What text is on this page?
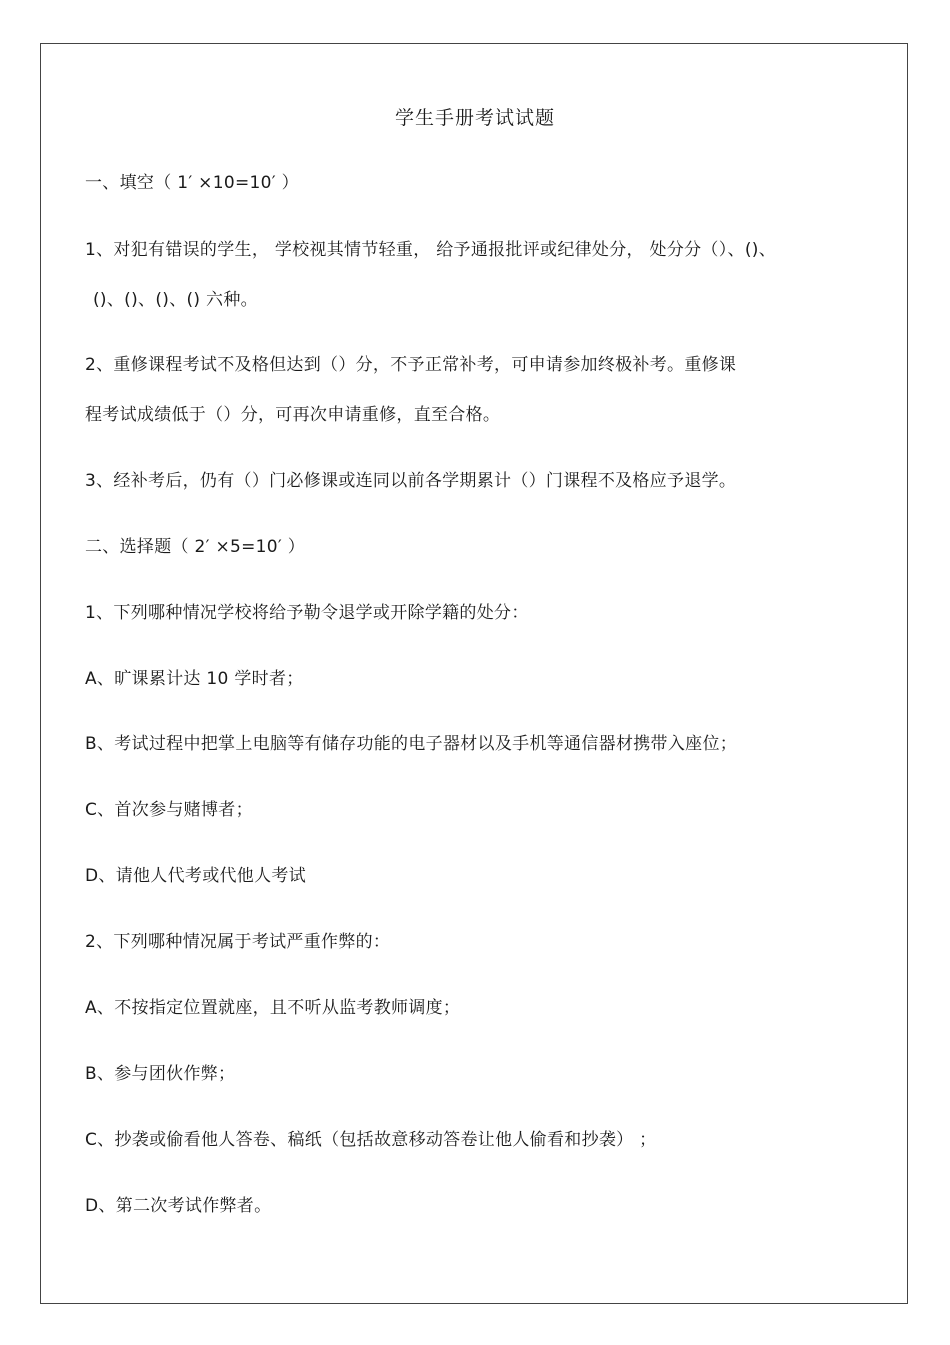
学生手册考试试题
一、填空（ 1′ ×10=10′ ）
1、对犯有错误的学生， 学校视其情节轻重， 给予通报批评或纪律处分， 处分分（）、()、
()、()、()、() 六种。
2、重修课程考试不及格但达到（）分，不予正常补考，可申请参加终极补考。重修课
程考试成绩低于（）分，可再次申请重修，直至合格。
3、经补考后，仍有（）门必修课或连同以前各学期累计（）门课程不及格应予退学。
二、选择题（ 2′ ×5=10′ ）
1、下列哪种情况学校将给予勒令退学或开除学籍的处分：
A、旷课累计达 10 学时者；
B、考试过程中把掌上电脑等有储存功能的电子器材以及手机等通信器材携带入座位；
C、首次参与赌博者；
D、请他人代考或代他人考试
2、下列哪种情况属于考试严重作弊的：
A、不按指定位置就座，且不听从监考教师调度；
B、参与团伙作弊；
C、抄袭或偷看他人答卷、稿纸（包括故意移动答卷让他人偷看和抄袭） ；
D、第二次考试作弊者。
